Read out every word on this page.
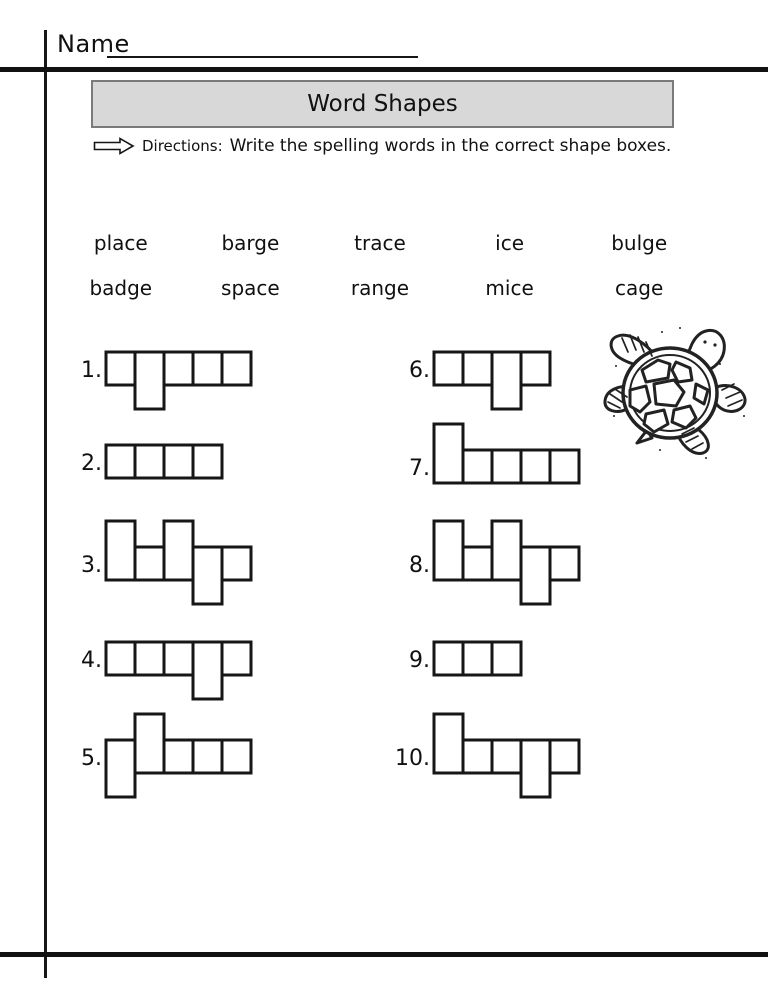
Name
Word Shapes
Directions: Write the spelling words in the correct shape boxes.
place	barge	trace	ice	bulge
badge	space	range	mice	cage
1.
2.
3.
4.
5.
6.
7.
8.
9.
10.
